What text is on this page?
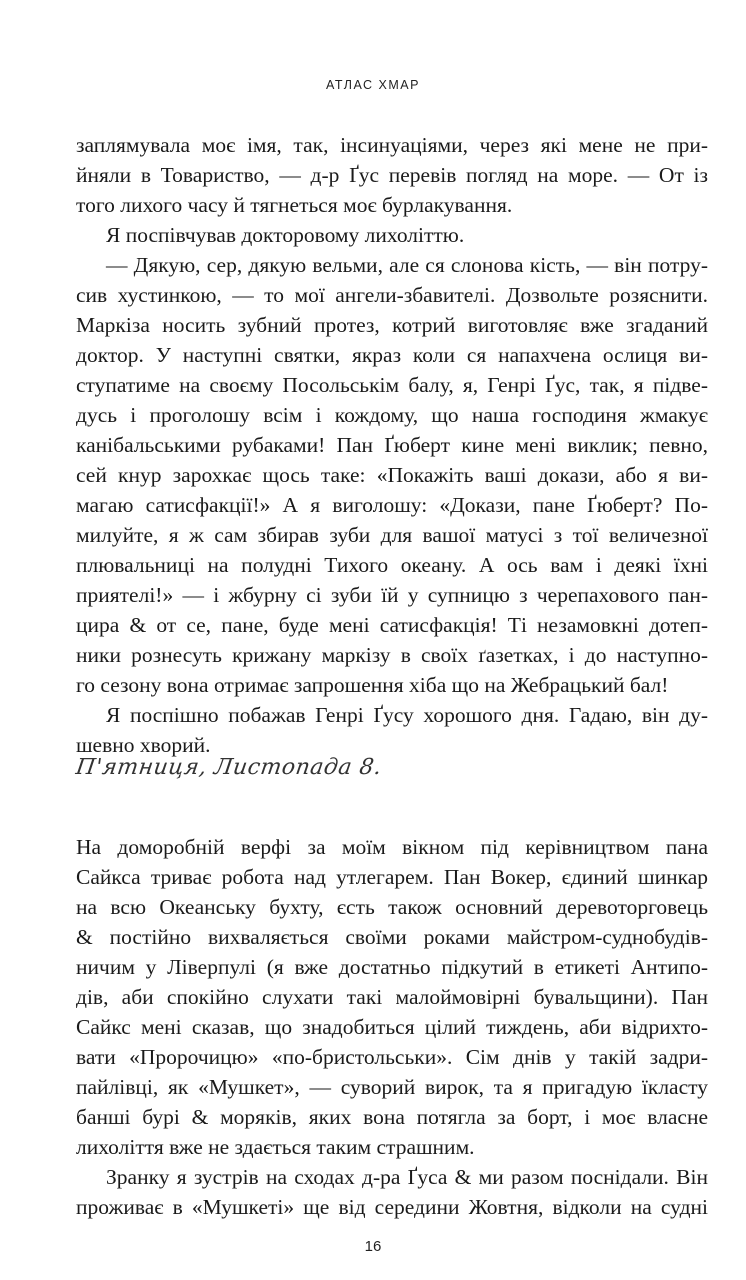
АТЛАС ХМАР
заплямувала моє імя, так, інсинуаціями, через які мене не при-
йняли в Товариство, — д-р Ґус перевів погляд на море. — От із
того лихого часу й тягнеться моє бурлакування.
Я поспівчував докторовому лихоліттю.
— Дякую, сер, дякую вельми, але ся слонова кість, — він потру-
сив хустинкою, — то мої ангели-збавителі. Дозвольте розяснити.
Маркіза носить зубний протез, котрий виготовляє вже згаданий
доктор. У наступні святки, якраз коли ся напахчена ослиця ви-
ступатиме на своєму Посольськім балу, я, Генрі Ґус, так, я підве-
дусь і проголошу всім і кождому, що наша господиня жмакує
канібальськими рубаками! Пан Ґюберт кине мені виклик; певно,
сей кнур зарохкає щось таке: «Покажіть ваші докази, або я ви-
магаю сатисфакції!» А я виголошу: «Докази, пане Ґюберт? По-
милуйте, я ж сам збирав зуби для вашої матусі з тої величезної
плювальниці на полудні Тихого океану. А ось вам і деякі їхні
приятелі!» — і жбурну сі зуби їй у супницю з черепахового пан-
цира & от се, пане, буде мені сатисфакція! Ті незамовкні дотеп-
ники рознесуть крижану маркізу в своїх ґазетках, і до наступно-
го сезону вона отримає запрошення хіба що на Жебрацький бал!
Я поспішно побажав Генрі Ґусу хорошого дня. Гадаю, він ду-
шевно хворий.
П'ятниця, Листопада 8.
На доморобній верфі за моїм вікном під керівництвом пана
Сайкса триває робота над утлегарем. Пан Вокер, єдиний шинкар
на всю Океанську бухту, єсть також основний деревоторговець
& постійно вихваляється своїми роками майстром-суднобудів-
ничим у Ліверпулі (я вже достатньо підкутий в етикеті Антипо-
дів, аби спокійно слухати такі малоймовірні бувальщини). Пан
Сайкс мені сказав, що знадобиться цілий тиждень, аби відрихто-
вати «Пророчицю» «по-бристольськи». Сім днів у такій задри-
пайлівці, як «Мушкет», — суворий вирок, та я пригадую їкласту
банші бурі & моряків, яких вона потягла за борт, і моє власне
лихоліття вже не здається таким страшним.
Зранку я зустрів на сходах д-ра Ґуса & ми разом поснідали. Він
проживає в «Мушкеті» ще від середини Жовтня, відколи на судні
16
